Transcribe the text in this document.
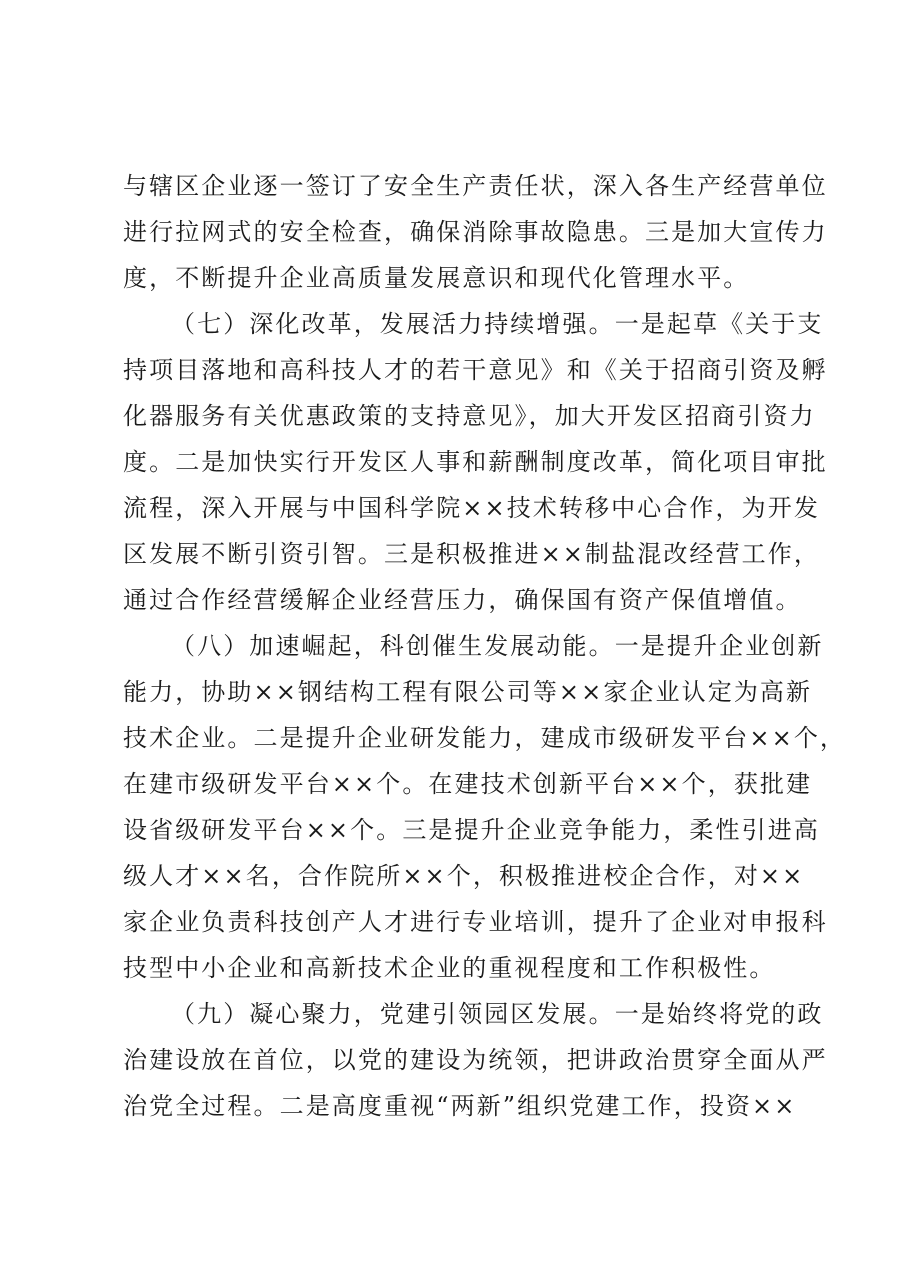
与辖区企业逐一签订了安全生产责任状，深入各生产经营单位
进行拉网式的安全检查，确保消除事故隐患。三是加大宣传力
度，不断提升企业高质量发展意识和现代化管理水平。
（七）深化改革，发展活力持续增强。一是起草《关于支
持项目落地和高科技人才的若干意见》和《关于招商引资及孵
化器服务有关优惠政策的支持意见》，加大开发区招商引资力
度。二是加快实行开发区人事和薪酬制度改革，简化项目审批
流程，深入开展与中国科学院××技术转移中心合作，为开发
区发展不断引资引智。三是积极推进××制盐混改经营工作，
通过合作经营缓解企业经营压力，确保国有资产保值增值。
（八）加速崛起，科创催生发展动能。一是提升企业创新
能力，协助××钢结构工程有限公司等××家企业认定为高新
技术企业。二是提升企业研发能力，建成市级研发平台××个，
在建市级研发平台××个。在建技术创新平台××个，获批建
设省级研发平台××个。三是提升企业竞争能力，柔性引进高
级人才××名，合作院所××个，积极推进校企合作，对××
家企业负责科技创产人才进行专业培训，提升了企业对申报科
技型中小企业和高新技术企业的重视程度和工作积极性。
（九）凝心聚力，党建引领园区发展。一是始终将党的政
治建设放在首位，以党的建设为统领，把讲政治贯穿全面从严
治党全过程。二是高度重视“两新”组织党建工作，投资××
